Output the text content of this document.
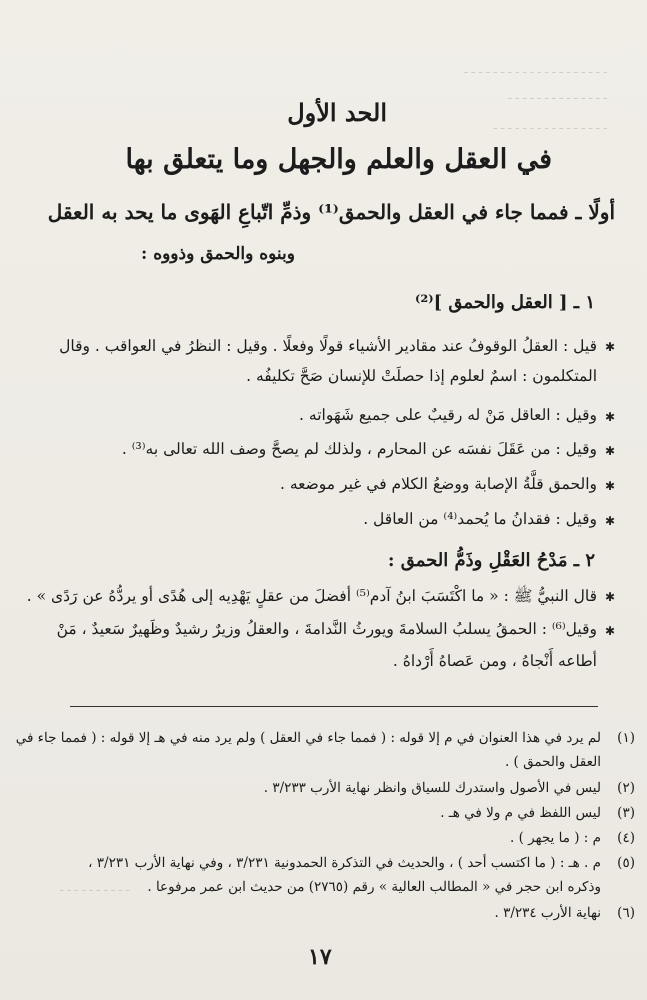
ـ ـ ـ ـ ـ ـ ـ ـ ـ ـ ـ ـ ـ ـ ـ ـ ـ ـ ـ ـ
ـ ـ ـ ـ ـ ـ ـ ـ ـ ـ ـ ـ ـ ـ
ـ ـ ـ ـ ـ ـ ـ ـ ـ ـ ـ ـ ـ ـ ـ ـ
ـ ـ ـ ـ ـ ـ ـ ـ ـ ـ
الحد الأول
في العقل والعلم والجهل وما يتعلق بها
أولًا ـ فمما جاء في العقل والحمق⁽¹⁾ وذمِّ اتّباعِ الهَوى ما يحد به العقل
وبنوه والحمق وذووه :
١ ـ [ العقل والحمق ]⁽²⁾
✱
قيل : العقلُ الوقوفُ عند مقادير الأشياء قولًا وفعلًا . وقيل : النظرُ في العواقب . وقال
المتكلمون : اسمٌ لعلوم إذا حصلَتْ للإنسان صَحَّ تكليفُه .
✱
وقيل : العاقل مَنْ له رقيبٌ على جميع شَهَواته .
✱
وقيل : من عَقَلَ نفسَه عن المحارم ، ولذلك لم يصحَّ وصف الله تعالى به⁽³⁾ .
✱
والحمق قلَّةُ الإصابة ووضعُ الكلام في غير موضعه .
✱
وقيل : فقدانُ ما يُحمد⁽⁴⁾ من العاقل .
٢ ـ مَدْحُ العَقْلِ وذَمُّ الحمق :
✱
قال النبيُّ ﷺ : « ما اكْتَسَبَ ابنُ آدم⁽⁵⁾ أفضلَ من عقلٍ يَهْدِيه إلى هُدًى أو يردُّهُ عن رَدًى » .
✱
وقيل⁽⁶⁾ : الحمقُ يسلبُ السلامةَ ويورثُ النَّدامةَ ، والعقلُ وزيرٌ رشيدٌ وظَهيرٌ سَعيدٌ ، مَنْ
أطاعه أَنْجاهُ ، ومن عَصاهُ أَرْداهُ .
(١)
لم يرد في هذا العنوان في م إلا قوله : ( فمما جاء في العقل ) ولم يرد منه في هـ إلا قوله : ( فمما جاء في
العقل والحمق ) .
(٢)
ليس في الأصول واستدرك للسياق وانظر نهاية الأرب ٣/٢٣٣ .
(٣)
ليس اللفظ في م ولا في هـ .
(٤)
م : ( ما يجهر ) .
(٥)
م . هـ : ( ما اكتسب أحد ) ، والحديث في التذكرة الحمدونية ٣/٢٣١ ، وفي نهاية الأرب ٣/٢٣١ ،
وذكره ابن حجر في « المطالب العالية » رقم (٢٧٦٥) من حديث ابن عمر مرفوعا .
(٦)
نهاية الأرب ٣/٢٣٤ .
١٧
